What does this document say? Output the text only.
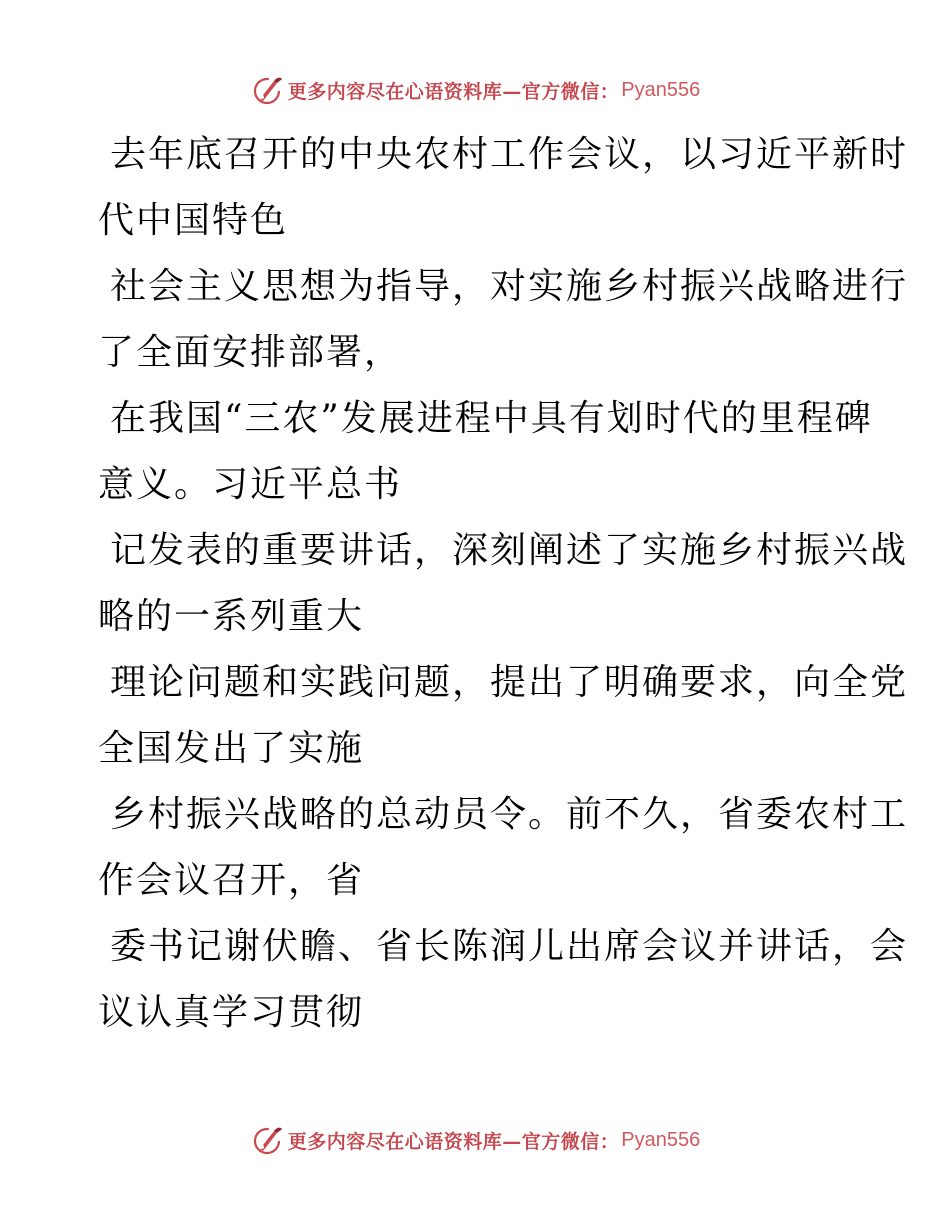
更多内容尽在心语资料库—官方微信： Pyan556

去年底召开的中央农村工作会议，以习近平新时
代中国特色

社会主义思想为指导，对实施乡村振兴战略进行
了全面安排部署，

在我国“三农”发展进程中具有划时代的里程碑
意义。习近平总书

记发表的重要讲话，深刻阐述了实施乡村振兴战
略的一系列重大

理论问题和实践问题，提出了明确要求，向全党
全国发出了实施

乡村振兴战略的总动员令。前不久，省委农村工
作会议召开，省

委书记谢伏瞻、省长陈润儿出席会议并讲话，会
议认真学习贯彻

更多内容尽在心语资料库—官方微信： Pyan556
